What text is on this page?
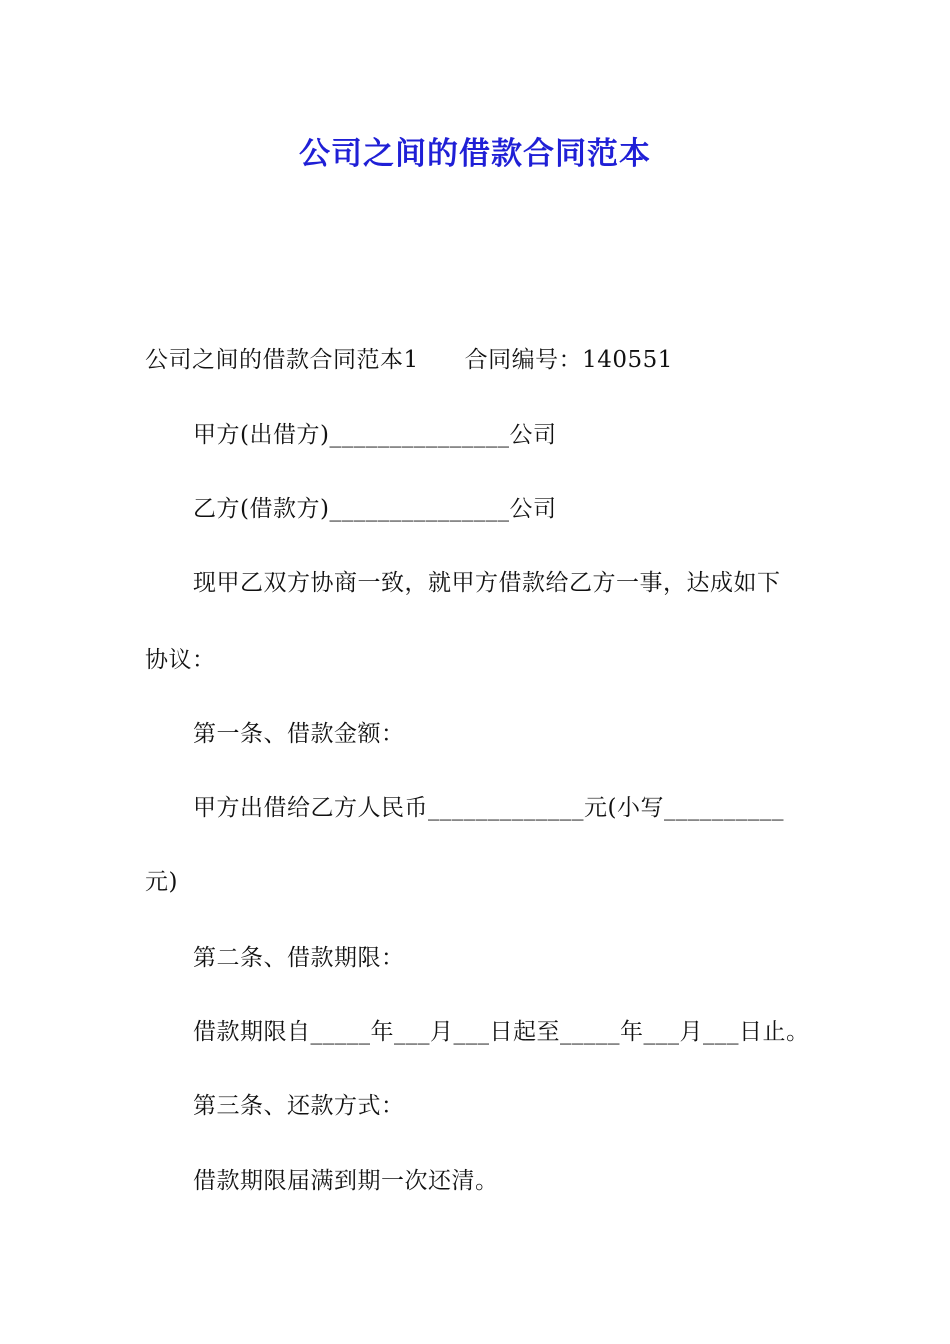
公司之间的借款合同范本
公司之间的借款合同范本1 合同编号：140551
甲方(出借方)_______________公司
乙方(借款方)_______________公司
现甲乙双方协商一致，就甲方借款给乙方一事，达成如下
协议：
第一条、借款金额：
甲方出借给乙方人民币_____________元(小写__________
元)
第二条、借款期限：
借款期限自_____年___月___日起至_____年___月___日止。
第三条、还款方式：
借款期限届满到期一次还清。
